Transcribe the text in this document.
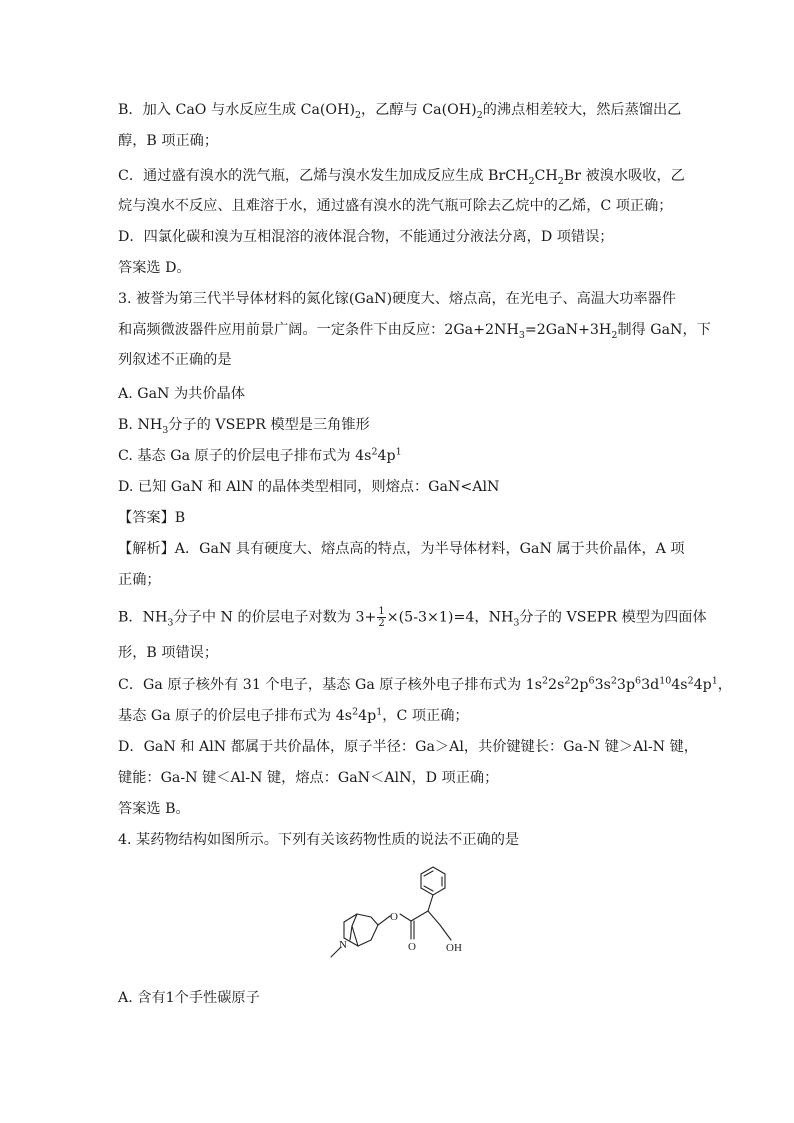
B．加入 CaO 与水反应生成 $Ca(OH)_2$，乙醇与 $Ca(OH)_2$的沸点相差较大，然后蒸馏出乙
醇，B 项正确；
C．通过盛有溴水的洗气瓶，乙烯与溴水发生加成反应生成 $BrCH_2CH_2Br$ 被溴水吸收，乙
烷与溴水不反应、且难溶于水，通过盛有溴水的洗气瓶可除去乙烷中的乙烯，C 项正确；
D．四氯化碳和溴为互相混溶的液体混合物，不能通过分液法分离，D 项错误；
答案选 D。
3. 被誉为第三代半导体材料的氮化镓(GaN)硬度大、熔点高，在光电子、高温大功率器件
和高频微波器件应用前景广阔。一定条件下由反应：$2Ga+2NH_3=2GaN+3H_2$制得 GaN，下
列叙述不正确的是
A. GaN 为共价晶体
B. $NH_3$分子的 VSEPR 模型是三角锥形
C. 基态 Ga 原子的价层电子排布式为 $4s^24p^1$
D. 已知 GaN 和 AlN 的晶体类型相同，则熔点：GaN<AlN
【答案】B
【解析】A．GaN 具有硬度大、熔点高的特点，为半导体材料，GaN 属于共价晶体，A 项
正确；
B．$NH_3$分子中 N 的价层电子对数为 $3+ \frac{1}{2} \times(5-3\times 1)=4$，$NH_3$分子的 VSEPR 模型为四面体
形，B 项错误；
C．Ga 原子核外有 31 个电子，基态 Ga 原子核外电子排布式为 $1s^22s^22p^63s^23p^63d^{10}4s^24p^1$，
基态 Ga 原子的价层电子排布式为 $4s^24p^1$，C 项正确；
D．GaN 和 AlN 都属于共价晶体，原子半径：Ga＞Al，共价键键长：Ga-N 键＞Al-N 键，
键能：Ga-N 键＜Al-N 键，熔点：GaN＜AlN，D 项正确；
答案选 B。
4. 某药物结构如图所示。下列有关该药物性质的说法不正确的是
O
O	OH
N
A. 含有1个手性碳原子
